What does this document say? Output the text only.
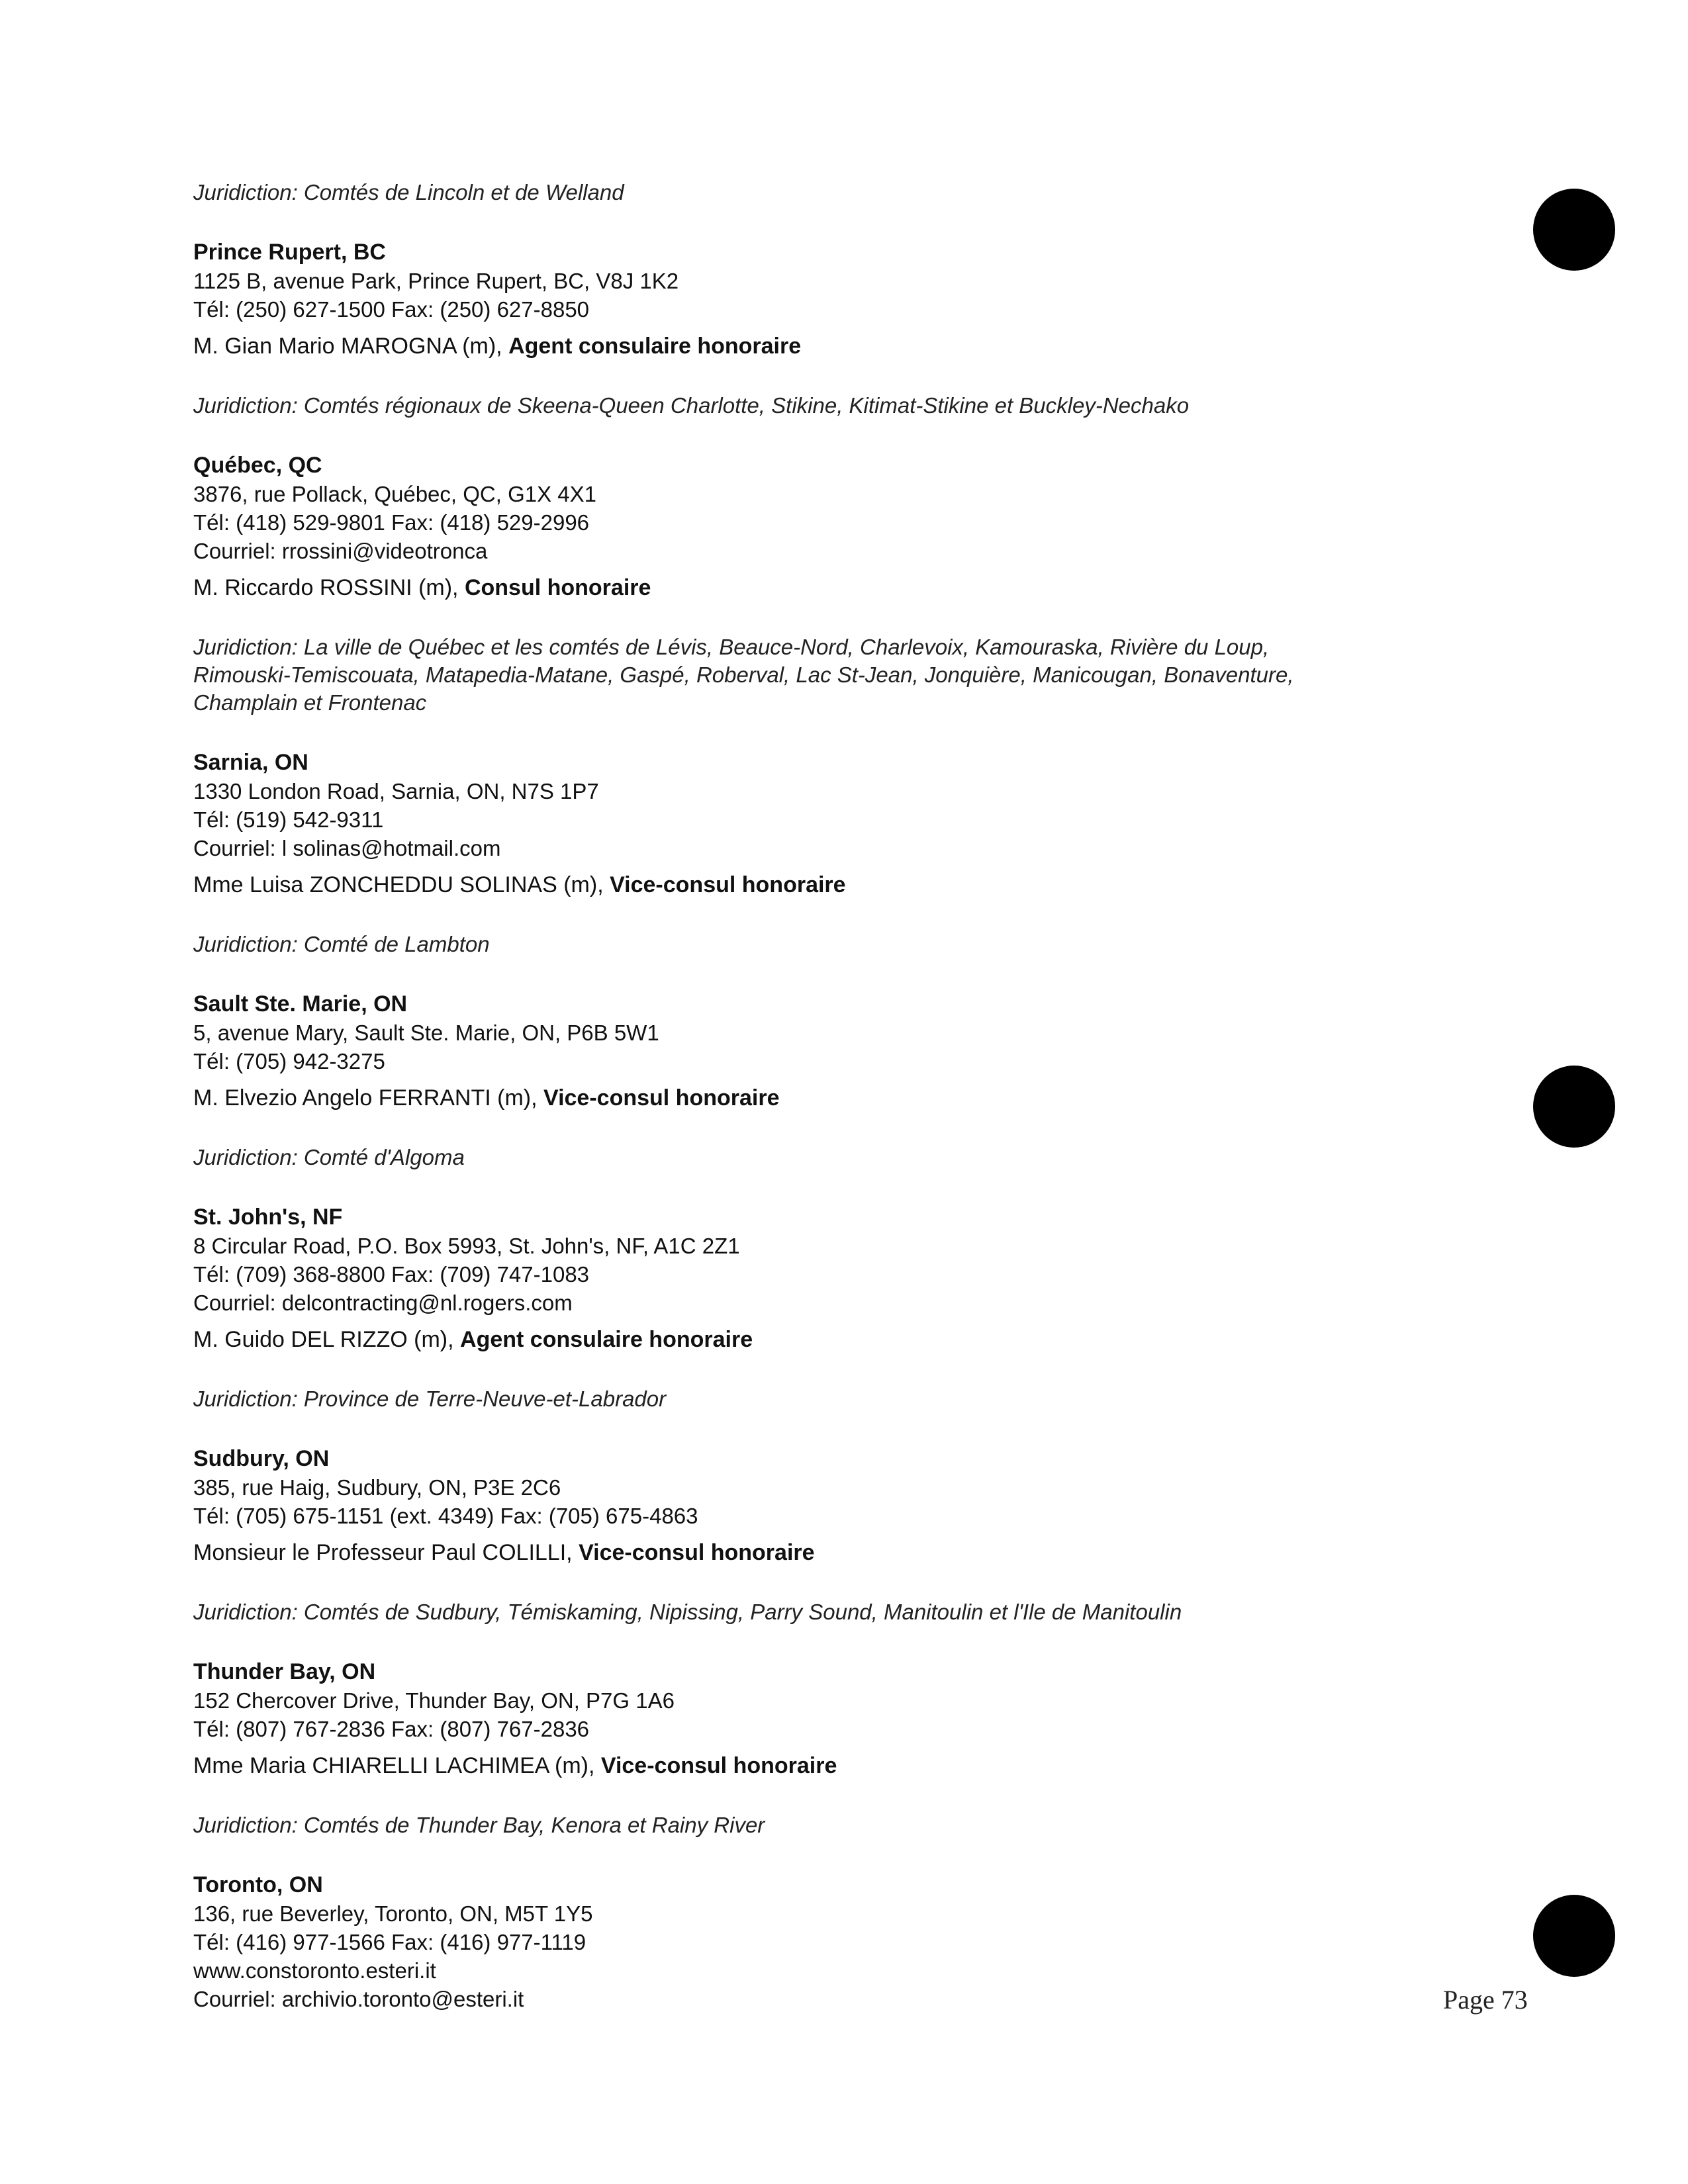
Juridiction: Comtés de Lincoln et de Welland

Prince Rupert, BC

1125 B, avenue Park, Prince Rupert, BC, V8J 1K2

Tél: (250) 627-1500 Fax: (250) 627-8850

M. Gian Mario MAROGNA (m), Agent consulaire honoraire

Juridiction: Comtés régionaux de Skeena-Queen Charlotte, Stikine, Kitimat-Stikine et Buckley-Nechako

Québec, QC

3876, rue Pollack, Québec, QC, G1X 4X1

Tél: (418) 529-9801 Fax: (418) 529-2996

Courriel: rrossini@videotronca

M. Riccardo ROSSINI (m), Consul honoraire

Juridiction: La ville de Québec et les comtés de Lévis, Beauce-Nord, Charlevoix, Kamouraska, Rivière du Loup,

Rimouski-Temiscouata, Matapedia-Matane, Gaspé, Roberval, Lac St-Jean, Jonquière, Manicougan, Bonaventure,

Champlain et Frontenac

Sarnia, ON

1330 London Road, Sarnia, ON, N7S 1P7

Tél: (519) 542-9311

Courriel: l solinas@hotmail.com

Mme Luisa ZONCHEDDU SOLINAS (m), Vice-consul honoraire

Juridiction: Comté de Lambton

Sault Ste. Marie, ON

5, avenue Mary, Sault Ste. Marie, ON, P6B 5W1

Tél: (705) 942-3275

M. Elvezio Angelo FERRANTI (m), Vice-consul honoraire

Juridiction: Comté d'Algoma

St. John's, NF

8 Circular Road, P.O. Box 5993, St. John's, NF, A1C 2Z1

Tél: (709) 368-8800 Fax: (709) 747-1083

Courriel: delcontracting@nl.rogers.com

M. Guido DEL RIZZO (m), Agent consulaire honoraire

Juridiction: Province de Terre-Neuve-et-Labrador

Sudbury, ON

385, rue Haig, Sudbury, ON, P3E 2C6

Tél: (705) 675-1151 (ext. 4349) Fax: (705) 675-4863

Monsieur le Professeur Paul COLILLI, Vice-consul honoraire

Juridiction: Comtés de Sudbury, Témiskaming, Nipissing, Parry Sound, Manitoulin et l'Ile de Manitoulin

Thunder Bay, ON

152 Chercover Drive, Thunder Bay, ON, P7G 1A6

Tél: (807) 767-2836 Fax: (807) 767-2836

Mme Maria CHIARELLI LACHIMEA (m), Vice-consul honoraire

Juridiction: Comtés de Thunder Bay, Kenora et Rainy River

Toronto, ON

136, rue Beverley, Toronto, ON, M5T 1Y5

Tél: (416) 977-1566 Fax: (416) 977-1119

www.constoronto.esteri.it

Courriel: archivio.toronto@esteri.it	Page 73
